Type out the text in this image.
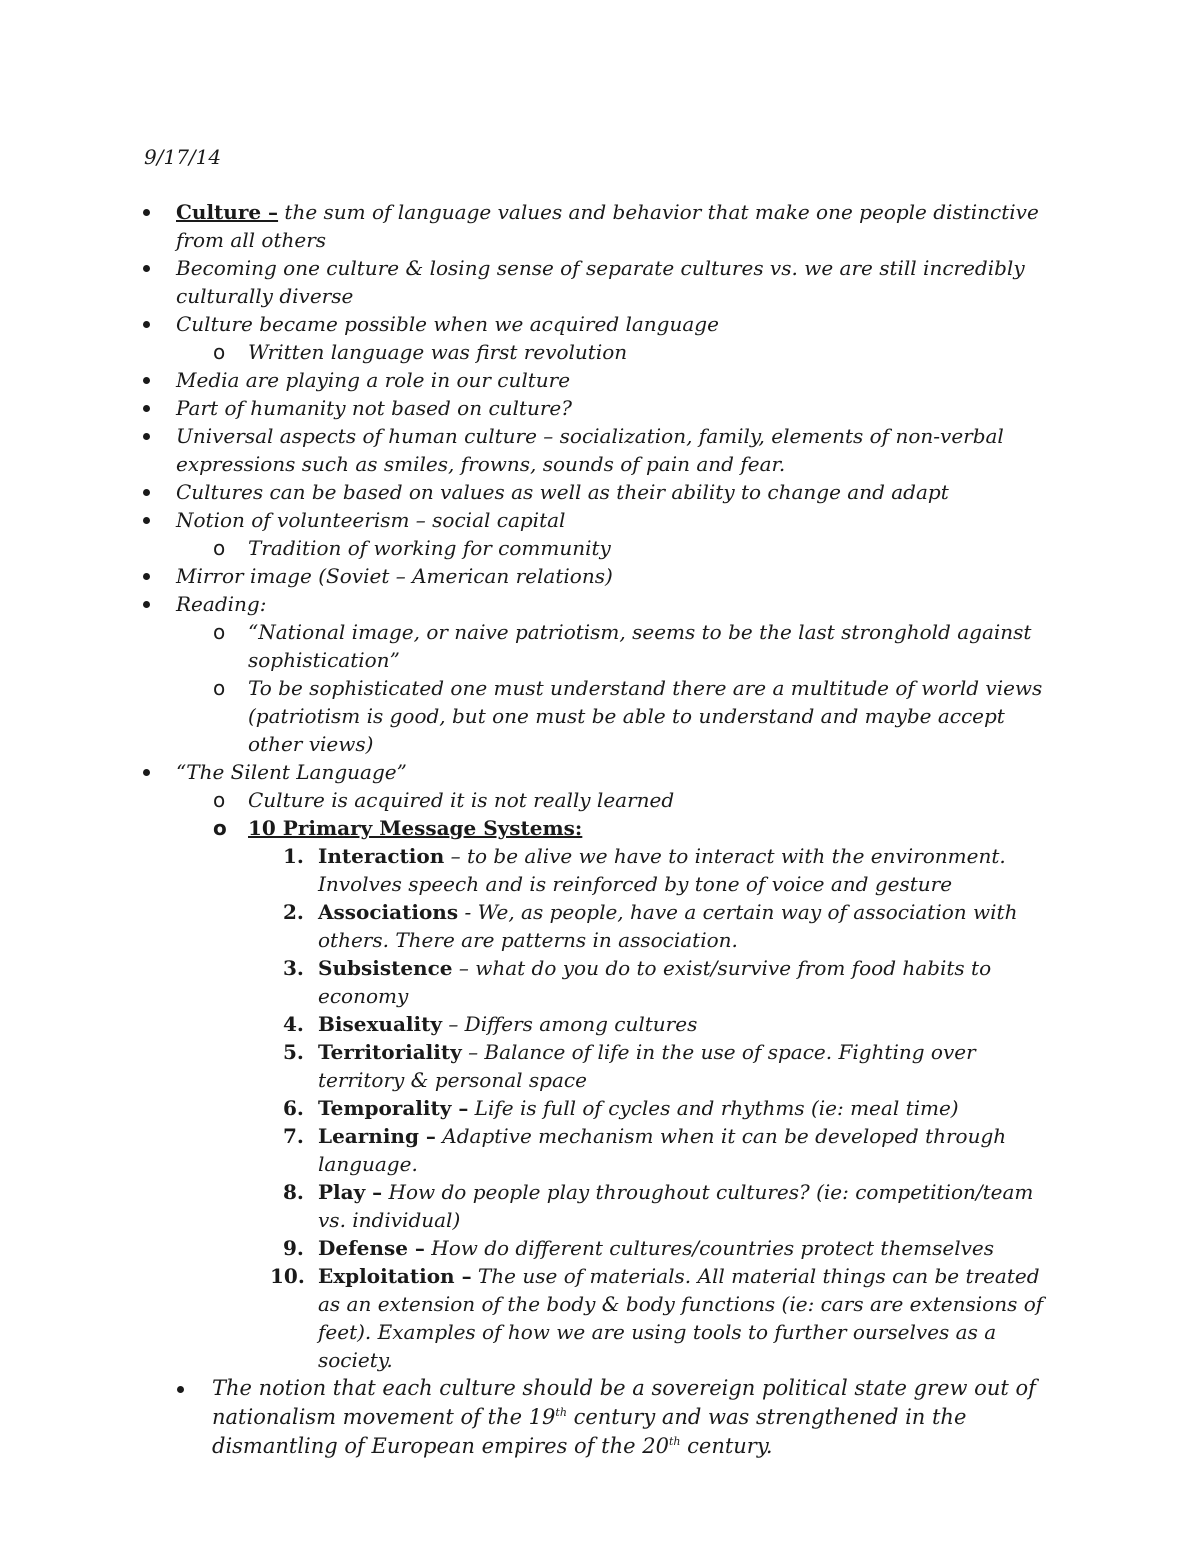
9/17/14
Culture – the sum of language values and behavior that make one people distinctive from all others
Becoming one culture & losing sense of separate cultures vs. we are still incredibly culturally diverse
Culture became possible when we acquired language
o Written language was first revolution
Media are playing a role in our culture
Part of humanity not based on culture?
Universal aspects of human culture – socialization, family, elements of non-verbal expressions such as smiles, frowns, sounds of pain and fear.
Cultures can be based on values as well as their ability to change and adapt
Notion of volunteerism – social capital
o Tradition of working for community
Mirror image (Soviet – American relations)
Reading:
o “National image, or naive patriotism, seems to be the last stronghold against sophistication”
o To be sophisticated one must understand there are a multitude of world views (patriotism is good, but one must be able to understand and maybe accept other views)
“The Silent Language”
o Culture is acquired it is not really learned
o 10 Primary Message Systems:
1. Interaction – to be alive we have to interact with the environment. Involves speech and is reinforced by tone of voice and gesture
2. Associations - We, as people, have a certain way of association with others. There are patterns in association.
3. Subsistence – what do you do to exist/survive from food habits to economy
4. Bisexuality – Differs among cultures
5. Territoriality – Balance of life in the use of space. Fighting over territory & personal space
6. Temporality – Life is full of cycles and rhythms (ie: meal time)
7. Learning – Adaptive mechanism when it can be developed through language.
8. Play – How do people play throughout cultures? (ie: competition/team vs. individual)
9. Defense – How do different cultures/countries protect themselves
10. Exploitation – The use of materials. All material things can be treated as an extension of the body & body functions (ie: cars are extensions of feet). Examples of how we are using tools to further ourselves as a society.
The notion that each culture should be a sovereign political state grew out of nationalism movement of the 19th century and was strengthened in the dismantling of European empires of the 20th century.
